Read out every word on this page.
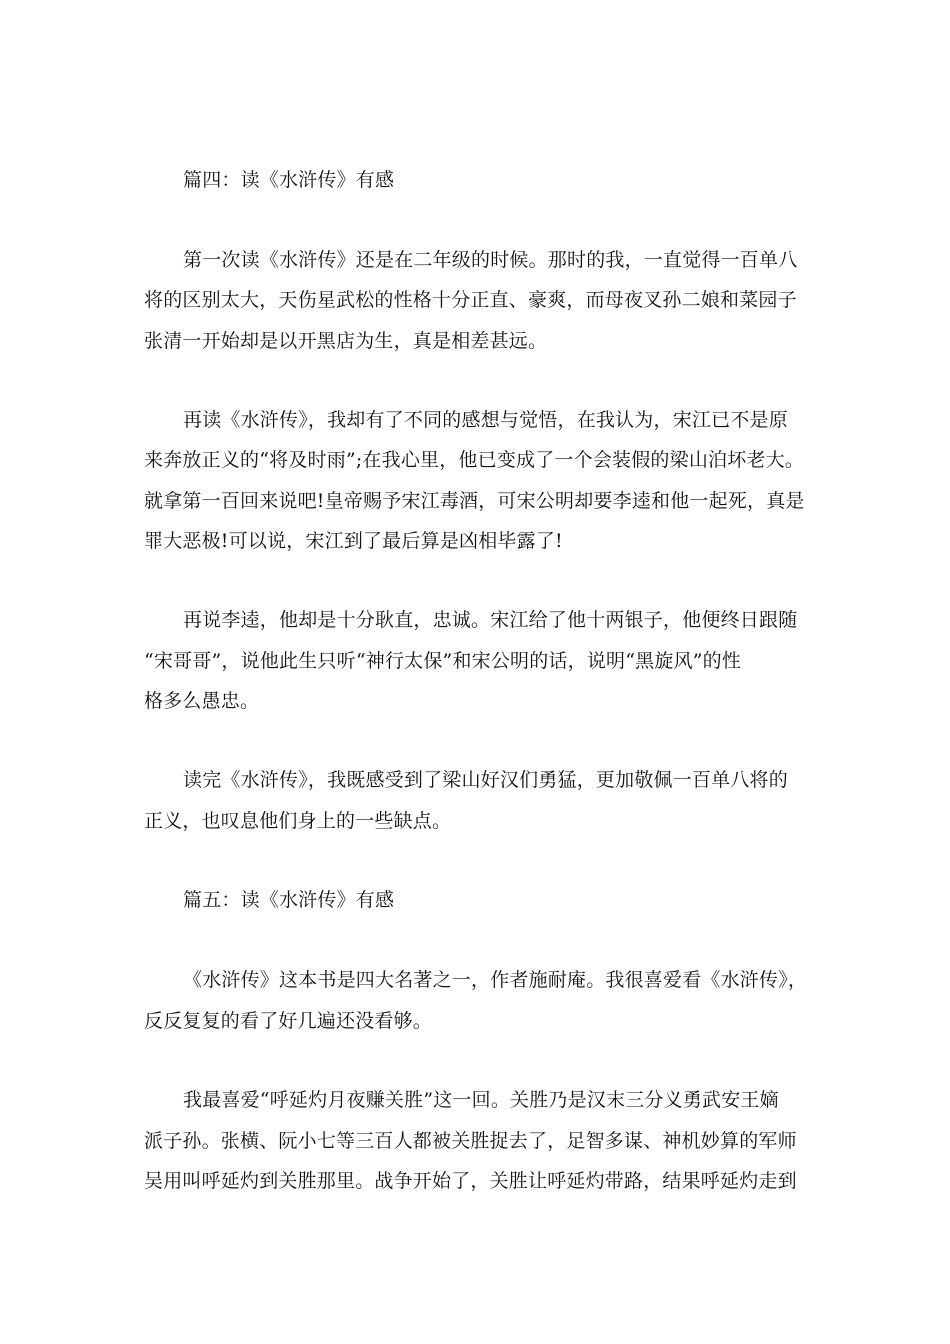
篇四：读《水浒传》有感
第一次读《水浒传》还是在二年级的时候。那时的我，一直觉得一百单八
将的区别太大，天伤星武松的性格十分正直、豪爽，而母夜叉孙二娘和菜园子
张清一开始却是以开黑店为生，真是相差甚远。
再读《水浒传》，我却有了不同的感想与觉悟，在我认为，宋江已不是原
来奔放正义的“将及时雨”;在我心里，他已变成了一个会装假的梁山泊坏老大。
就拿第一百回来说吧!皇帝赐予宋江毒酒，可宋公明却要李逵和他一起死，真是
罪大恶极!可以说，宋江到了最后算是凶相毕露了!
再说李逵，他却是十分耿直，忠诚。宋江给了他十两银子，他便终日跟随
“宋哥哥”，说他此生只听“神行太保”和宋公明的话，说明“黑旋风”的性
格多么愚忠。
读完《水浒传》，我既感受到了梁山好汉们勇猛，更加敬佩一百单八将的
正义，也叹息他们身上的一些缺点。
篇五：读《水浒传》有感
《水浒传》这本书是四大名著之一，作者施耐庵。我很喜爱看《水浒传》，
反反复复的看了好几遍还没看够。
我最喜爱“呼延灼月夜赚关胜”这一回。关胜乃是汉末三分义勇武安王嫡
派子孙。张横、阮小七等三百人都被关胜捉去了，足智多谋、神机妙算的军师
吴用叫呼延灼到关胜那里。战争开始了，关胜让呼延灼带路，结果呼延灼走到
